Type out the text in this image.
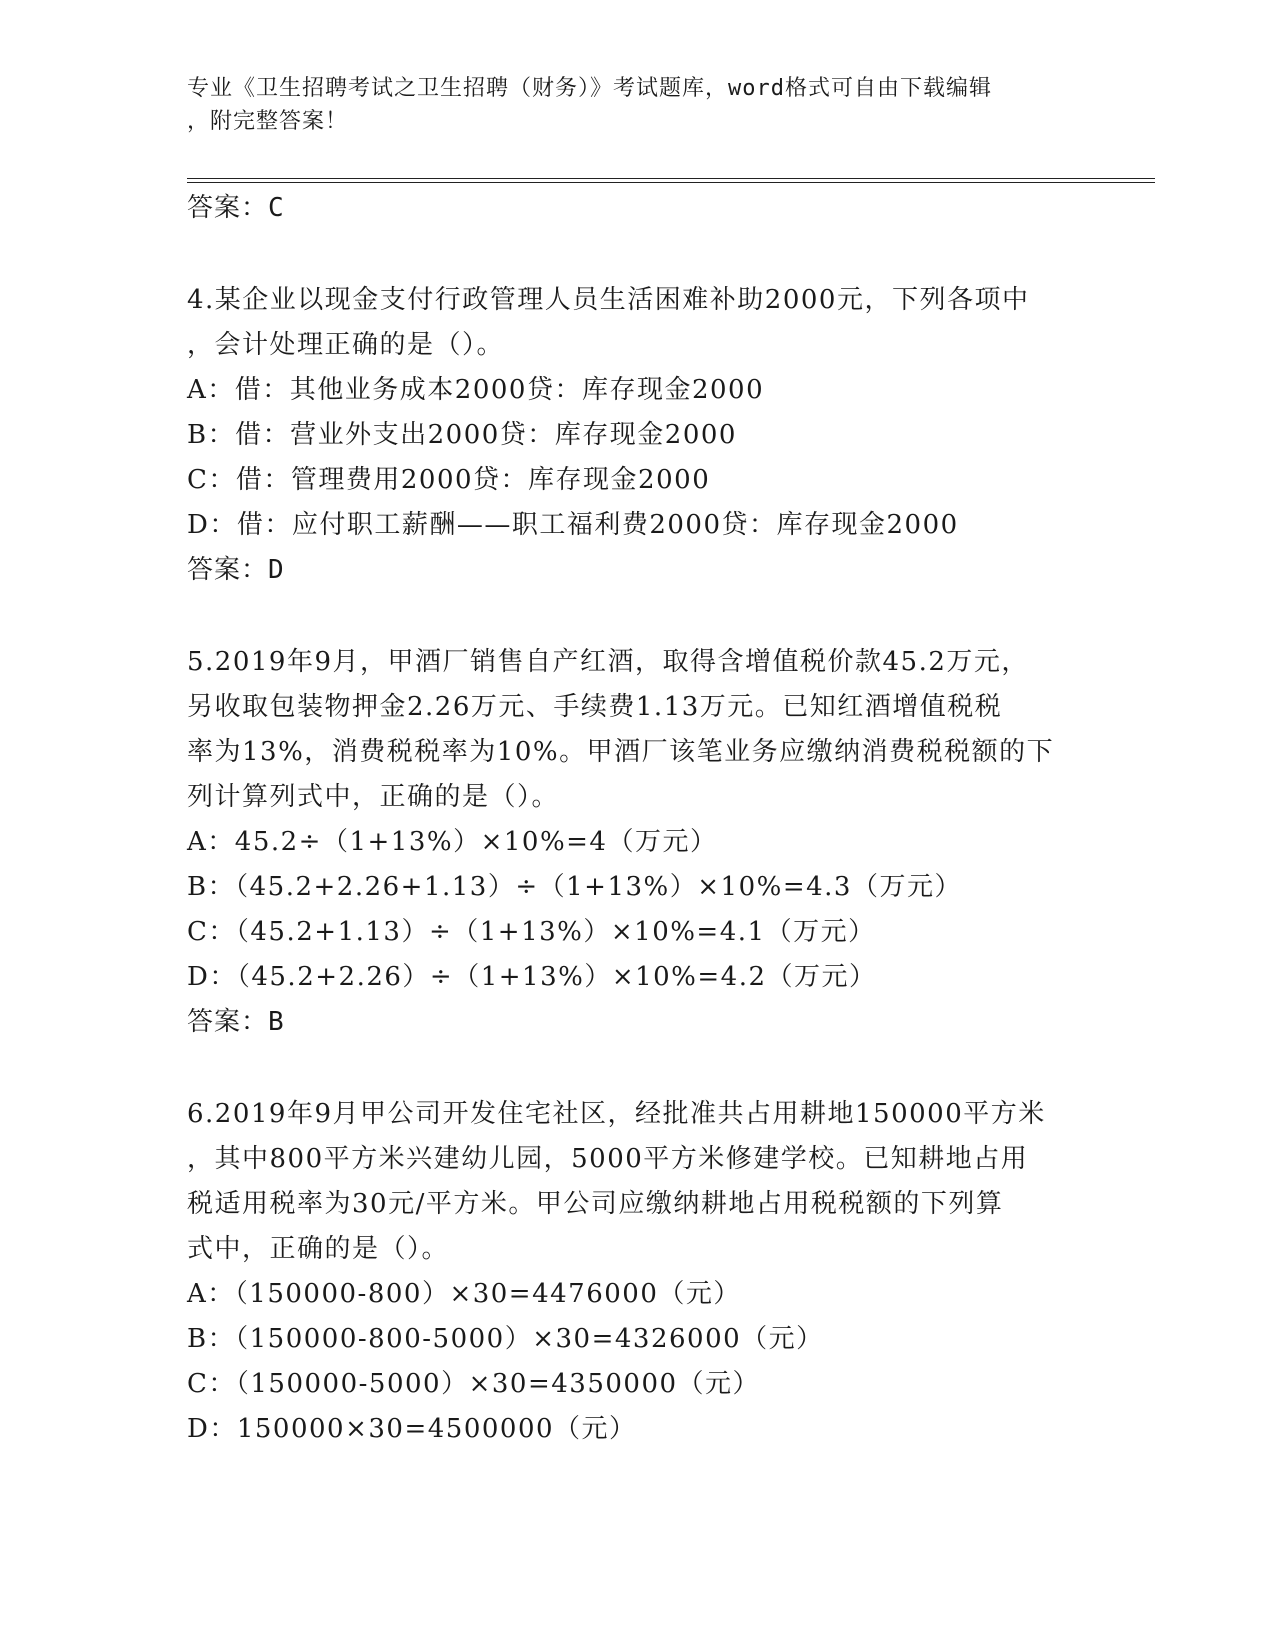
专业《卫生招聘考试之卫生招聘（财务）》考试题库，word格式可自由下载编辑
，附完整答案！

答案：C

4.某企业以现金支付行政管理人员生活困难补助2000元，下列各项中

，会计处理正确的是（）。

A：借：其他业务成本2000贷：库存现金2000

B：借：营业外支出2000贷：库存现金2000

C：借：管理费用2000贷：库存现金2000

D：借：应付职工薪酬——职工福利费2000贷：库存现金2000

答案：D

5.2019年9月，甲酒厂销售自产红酒，取得含增值税价款45.2万元，

另收取包装物押金2.26万元、手续费1.13万元。已知红酒增值税税

率为13%，消费税税率为10%。甲酒厂该笔业务应缴纳消费税税额的下

列计算列式中，正确的是（）。

A：45.2÷（1+13%）×10%=4（万元）

B：（45.2+2.26+1.13）÷（1+13%）×10%=4.3（万元）

C：（45.2+1.13）÷（1+13%）×10%=4.1（万元）

D：（45.2+2.26）÷（1+13%）×10%=4.2（万元）

答案：B

6.2019年9月甲公司开发住宅社区，经批准共占用耕地150000平方米

，其中800平方米兴建幼儿园，5000平方米修建学校。已知耕地占用

税适用税率为30元/平方米。甲公司应缴纳耕地占用税税额的下列算

式中，正确的是（）。

A：（150000-800）×30=4476000（元）

B：（150000-800-5000）×30=4326000（元）

C：（150000-5000）×30=4350000（元）

D：150000×30=4500000（元）
